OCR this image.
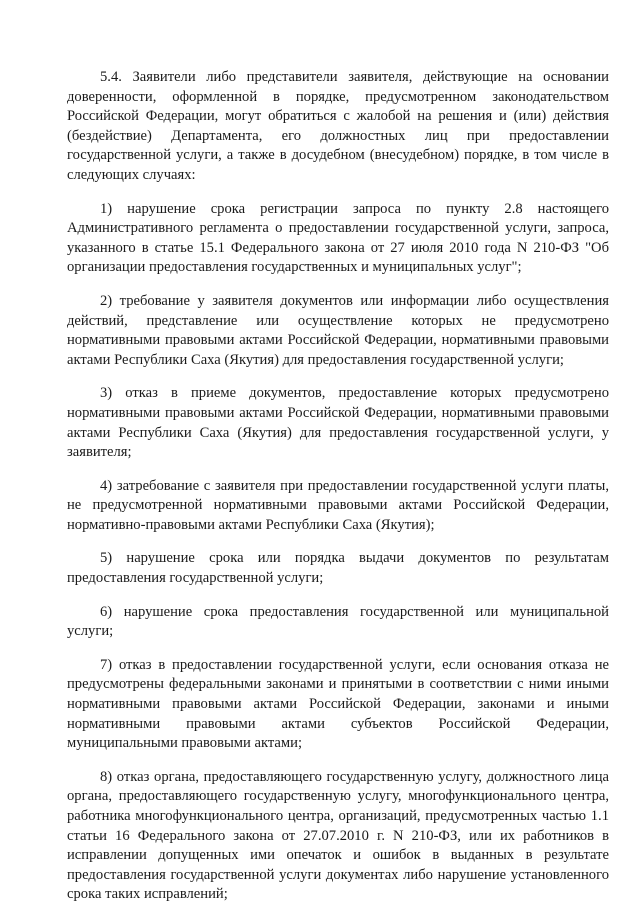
5.4. Заявители либо представители заявителя, действующие на основании доверенности, оформленной в порядке, предусмотренном законодательством Российской Федерации, могут обратиться с жалобой на решения и (или) действия (бездействие) Департамента, его должностных лиц при предоставлении государственной услуги, а также в досудебном (внесудебном) порядке, в том числе в следующих случаях:

1) нарушение срока регистрации запроса по пункту 2.8 настоящего Административного регламента о предоставлении государственной услуги, запроса, указанного в статье 15.1 Федерального закона от 27 июля 2010 года N 210-ФЗ "Об организации предоставления государственных и муниципальных услуг";

2) требование у заявителя документов или информации либо осуществления действий, представление или осуществление которых не предусмотрено нормативными правовыми актами Российской Федерации, нормативными правовыми актами Республики Саха (Якутия) для предоставления государственной услуги;

3) отказ в приеме документов, предоставление которых предусмотрено нормативными правовыми актами Российской Федерации, нормативными правовыми актами Республики Саха (Якутия) для предоставления государственной услуги, у заявителя;

4) затребование с заявителя при предоставлении государственной услуги платы, не предусмотренной нормативными правовыми актами Российской Федерации, нормативно-правовыми актами Республики Саха (Якутия);

5) нарушение срока или порядка выдачи документов по результатам предоставления государственной услуги;

6) нарушение срока предоставления государственной или муниципальной услуги;

7) отказ в предоставлении государственной услуги, если основания отказа не предусмотрены федеральными законами и принятыми в соответствии с ними иными нормативными правовыми актами Российской Федерации, законами и иными нормативными правовыми актами субъектов Российской Федерации, муниципальными правовыми актами;

8) отказ органа, предоставляющего государственную услугу, должностного лица органа, предоставляющего государственную услугу, многофункционального центра, работника многофункционального центра, организаций, предусмотренных частью 1.1 статьи 16 Федерального закона от 27.07.2010 г. N 210-ФЗ, или их работников в исправлении допущенных ими опечаток и ошибок в выданных в результате предоставления государственной услуги документах либо нарушение установленного срока таких исправлений;
